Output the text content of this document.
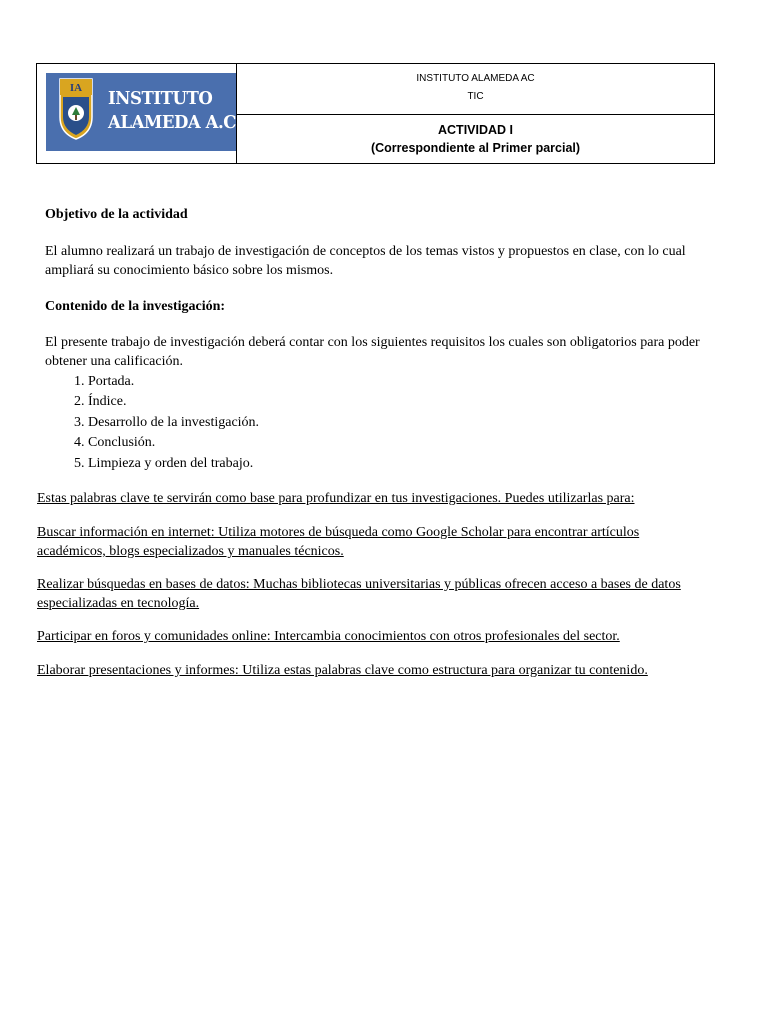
IA INSTITUTO
ALAMEDA A.C.
INSTITUTO ALAMEDA AC
TIC
ACTIVIDAD I
(Correspondiente al Primer parcial)

Objetivo de la actividad

El alumno realizará un trabajo de investigación de conceptos de los temas vistos y propuestos en clase, con lo cual ampliará su conocimiento básico sobre los mismos.

Contenido de la investigación:

El presente trabajo de investigación deberá contar con los siguientes requisitos los cuales son obligatorios para poder obtener una calificación.

1. Portada.
2. Índice.
3. Desarrollo de la investigación.
4. Conclusión.
5. Limpieza y orden del trabajo.

Estas palabras clave te servirán como base para profundizar en tus investigaciones. Puedes utilizarlas para:

Buscar información en internet: Utiliza motores de búsqueda como Google Scholar para encontrar artículos académicos, blogs especializados y manuales técnicos.

Realizar búsquedas en bases de datos: Muchas bibliotecas universitarias y públicas ofrecen acceso a bases de datos especializadas en tecnología.

Participar en foros y comunidades online: Intercambia conocimientos con otros profesionales del sector.

Elaborar presentaciones y informes: Utiliza estas palabras clave como estructura para organizar tu contenido.
